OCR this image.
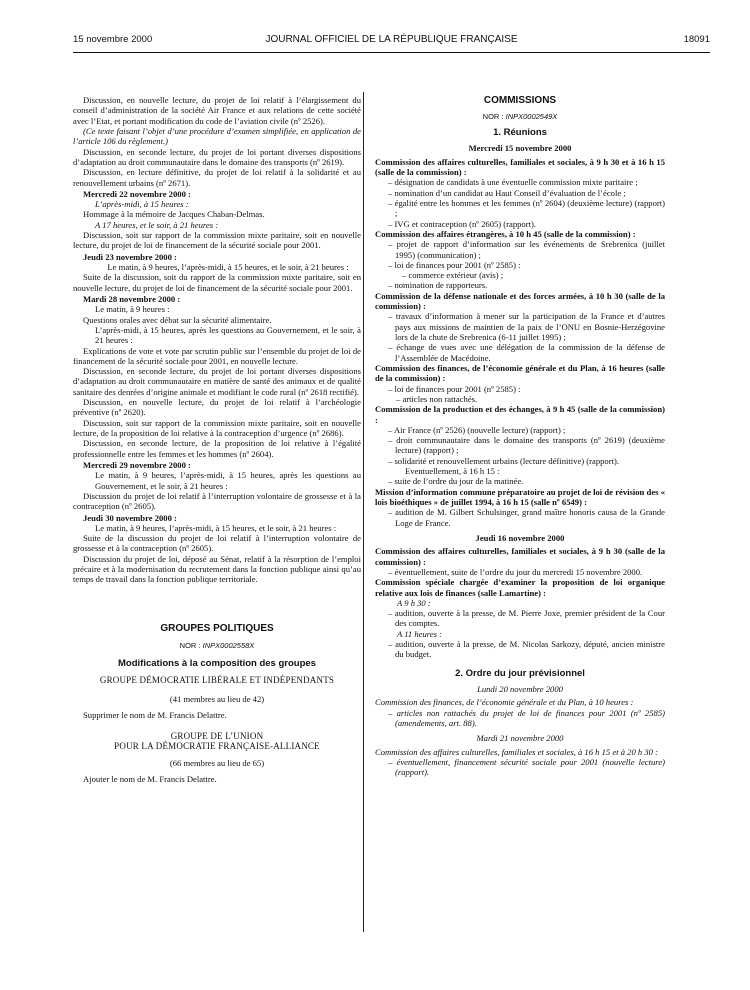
15 novembre 2000	JOURNAL OFFICIEL DE LA RÉPUBLIQUE FRANÇAISE	18091

Discussion, en nouvelle lecture, du projet de loi relatif à l’élargissement du conseil d’administration de la société Air France et aux relations de cette société avec l’Etat, et portant modification du code de l’aviation civile (nº 2526).

(Ce texte faisant l’objet d’une procédure d’examen simplifiée, en application de l’article 106 du règlement.)

Discussion, en seconde lecture, du projet de loi portant diverses dispositions d’adaptation au droit communautaire dans le domaine des transports (nº 2619).

Discussion, en lecture définitive, du projet de loi relatif à la solidarité et au renouvellement urbains (nº 2671).

Mercredi 22 novembre 2000 :

L’après-midi, à 15 heures :

Hommage à la mémoire de Jacques Chaban-Delmas.

A 17 heures, et le soir, à 21 heures :

Discussion, soit sur rapport de la commission mixte paritaire, soit en nouvelle lecture, du projet de loi de financement de la sécurité sociale pour 2001.

Jeudi 23 novembre 2000 :

Le matin, à 9 heures, l’après-midi, à 15 heures, et le soir, à 21 heures :

Suite de la discussion, soit du rapport de la commission mixte paritaire, soit en nouvelle lecture, du projet de loi de financement de la sécurité sociale pour 2001.

Mardi 28 novembre 2000 :

Le matin, à 9 heures :

Questions orales avec débat sur la sécurité alimentaire.

L’après-midi, à 15 heures, après les questions au Gouvernement, et le soir, à 21 heures :

Explications de vote et vote par scrutin public sur l’ensemble du projet de loi de financement de la sécurité sociale pour 2001, en nouvelle lecture.

Discussion, en seconde lecture, du projet de loi portant diverses dispositions d’adaptation au droit communautaire en matière de santé des animaux et de qualité sanitaire des denrées d’origine animale et modifiant le code rural (nº 2618 rectifié).

Discussion, en nouvelle lecture, du projet de loi relatif à l’archéologie préventive (nº 2620).

Discussion, soit sur rapport de la commission mixte paritaire, soit en nouvelle lecture, de la proposition de loi relative à la contraception d’urgence (nº 2686).

Discussion, en seconde lecture, de la proposition de loi relative à l’égalité professionnelle entre les femmes et les hommes (nº 2604).

Mercredi 29 novembre 2000 :

Le matin, à 9 heures, l’après-midi, à 15 heures, après les questions au Gouvernement, et le soir, à 21 heures :

Discussion du projet de loi relatif à l’interruption volontaire de grossesse et à la contraception (nº 2605).

Jeudi 30 novembre 2000 :

Le matin, à 9 heures, l’après-midi, à 15 heures, et le soir, à 21 heures :

Suite de la discussion du projet de loi relatif à l’interruption volontaire de grossesse et à la contraception (nº 2605).

Discussion du projet de loi, déposé au Sénat, relatif à la résorption de l’emploi précaire et à la modernisation du recrutement dans la fonction publique ainsi qu’au temps de travail dans la fonction publique territoriale.

GROUPES POLITIQUES

NOR : INPX0002558X

Modifications à la composition des groupes

GROUPE DÉMOCRATIE LIBÉRALE ET INDÉPENDANTS

(41 membres au lieu de 42)

Supprimer le nom de M. Francis Delattre.

GROUPE DE L’UNION

POUR LA DÉMOCRATIE FRANÇAISE-ALLIANCE

(66 membres au lieu de 65)

Ajouter le nom de M. Francis Delattre.

COMMISSIONS

NOR : INPX0002549X

1. Réunions

Mercredi 15 novembre 2000

Commission des affaires culturelles, familiales et sociales, à 9 h 30 et à 16 h 15 (salle de la commission) :

– désignation de candidats à une éventuelle commission mixte paritaire ;

– nomination d’un candidat au Haut Conseil d’évaluation de l’école ;

– égalité entre les hommes et les femmes (nº 2604) (deuxième lecture) (rapport) ;

– IVG et contraception (nº 2605) (rapport).

Commission des affaires étrangères, à 10 h 45 (salle de la commission) :

– projet de rapport d’information sur les événements de Srebrenica (juillet 1995) (communication) ;

– loi de finances pour 2001 (nº 2585) :

– commerce extérieur (avis) ;

– nomination de rapporteurs.

Commission de la défense nationale et des forces armées, à 10 h 30 (salle de la commission) :

– travaux d’information à mener sur la participation de la France et d’autres pays aux missions de maintien de la paix de l’ONU en Bosnie-Herzégovine lors de la chute de Srebrenica (6-11 juillet 1995) ;

– échange de vues avec une délégation de la commission de la défense de l’Assemblée de Macédoine.

Commission des finances, de l’économie générale et du Plan, à 16 heures (salle de la commission) :

– loi de finances pour 2001 (nº 2585) :

– articles non rattachés.

Commission de la production et des échanges, à 9 h 45 (salle de la commission) :

– Air France (nº 2526) (nouvelle lecture) (rapport) ;

– droit communautaire dans le domaine des transports (nº 2619) (deuxième lecture) (rapport) ;

– solidarité et renouvellement urbains (lecture définitive) (rapport).

Eventuellement, à 16 h 15 :

– suite de l’ordre du jour de la matinée.

Mission d’information commune préparatoire au projet de loi de révision des « lois bioéthiques » de juillet 1994, à 16 h 15 (salle nº 6549) :

– audition de M. Gilbert Schulsinger, grand maître honoris causa de la Grande Loge de France.

Jeudi 16 novembre 2000

Commission des affaires culturelles, familiales et sociales, à 9 h 30 (salle de la commission) :

– éventuellement, suite de l’ordre du jour du mercredi 15 novembre 2000.

Commission spéciale chargée d’examiner la proposition de loi organique relative aux lois de finances (salle Lamartine) :

A 9 h 30 :

– audition, ouverte à la presse, de M. Pierre Joxe, premier président de la Cour des comptes.

A 11 heures :

– audition, ouverte à la presse, de M. Nicolas Sarkozy, député, ancien ministre du budget.

2. Ordre du jour prévisionnel

Lundi 20 novembre 2000

Commission des finances, de l’économie générale et du Plan, à 10 heures :

– articles non rattachés du projet de loi de finances pour 2001 (nº 2585) (amendements, art. 88).

Mardi 21 novembre 2000

Commission des affaires culturelles, familiales et sociales, à 16 h 15 et à 20 h 30 :

– éventuellement, financement sécurité sociale pour 2001 (nouvelle lecture) (rapport).
